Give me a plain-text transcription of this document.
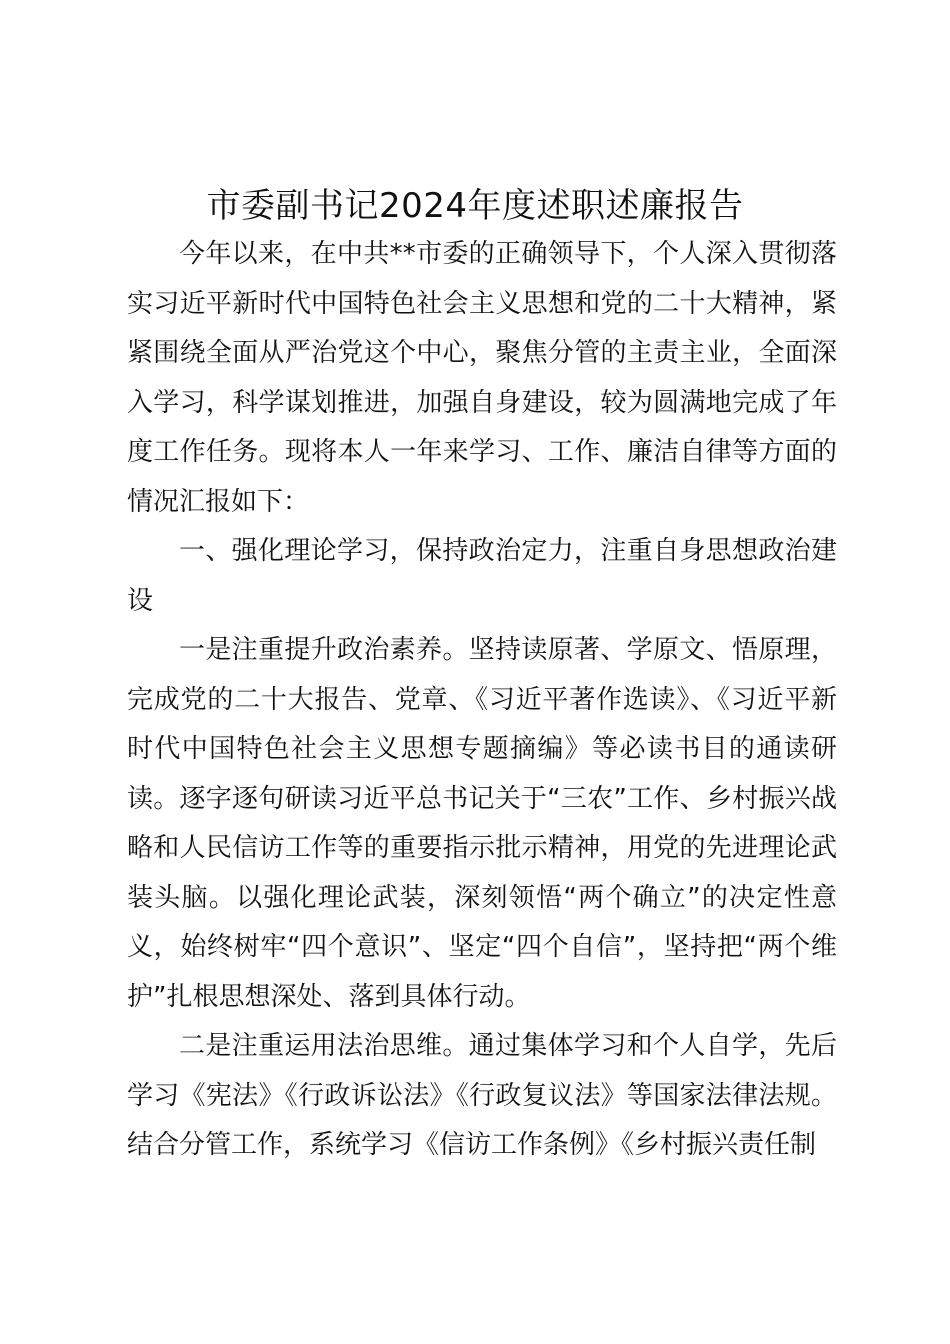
市委副书记2024年度述职述廉报告

今年以来，在中共**市委的正确领导下，个人深入贯彻落实习近平新时代中国特色社会主义思想和党的二十大精神，紧紧围绕全面从严治党这个中心，聚焦分管的主责主业，全面深入学习，科学谋划推进，加强自身建设，较为圆满地完成了年度工作任务。现将本人一年来学习、工作、廉洁自律等方面的情况汇报如下：

一、强化理论学习，保持政治定力，注重自身思想政治建设

一是注重提升政治素养。坚持读原著、学原文、悟原理，完成党的二十大报告、党章、《习近平著作选读》、《习近平新时代中国特色社会主义思想专题摘编》等必读书目的通读研读。逐字逐句研读习近平总书记关于“三农”工作、乡村振兴战略和人民信访工作等的重要指示批示精神，用党的先进理论武装头脑。以强化理论武装，深刻领悟“两个确立”的决定性意义，始终树牢“四个意识”、坚定“四个自信”，坚持把“两个维护”扎根思想深处、落到具体行动。

二是注重运用法治思维。通过集体学习和个人自学，先后学习《宪法》《行政诉讼法》《行政复议法》等国家法律法规。结合分管工作，系统学习《信访工作条例》《乡村振兴责任制
